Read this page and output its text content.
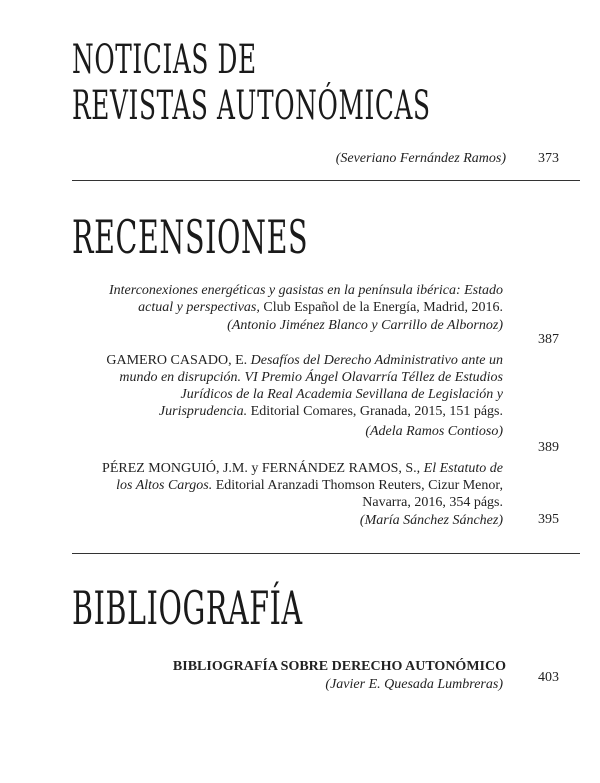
NOTICIAS DE
REVISTAS AUTONÓMICAS
(Severiano Fernández Ramos) 373
RECENSIONES
Interconexiones energéticas y gasistas en la península ibérica: Estado actual y perspectivas, Club Español de la Energía, Madrid, 2016.
(Antonio Jiménez Blanco y Carrillo de Albornoz)
387
GAMERO CASADO, E. Desafíos del Derecho Administrativo ante un mundo en disrupción. VI Premio Ángel Olavarría Téllez de Estudios Jurídicos de la Real Academia Sevillana de Legislación y Jurisprudencia. Editorial Comares, Granada, 2015, 151 págs.
(Adela Ramos Contioso)
389
PÉREZ MONGUIÓ, J.M. y FERNÁNDEZ RAMOS, S., El Estatuto de los Altos Cargos. Editorial Aranzadi Thomson Reuters, Cizur Menor, Navarra, 2016, 354 págs.
(María Sánchez Sánchez)	395
BIBLIOGRAFÍA
BIBLIOGRAFÍA SOBRE DERECHO AUTONÓMICO
(Javier E. Quesada Lumbreras)	403
